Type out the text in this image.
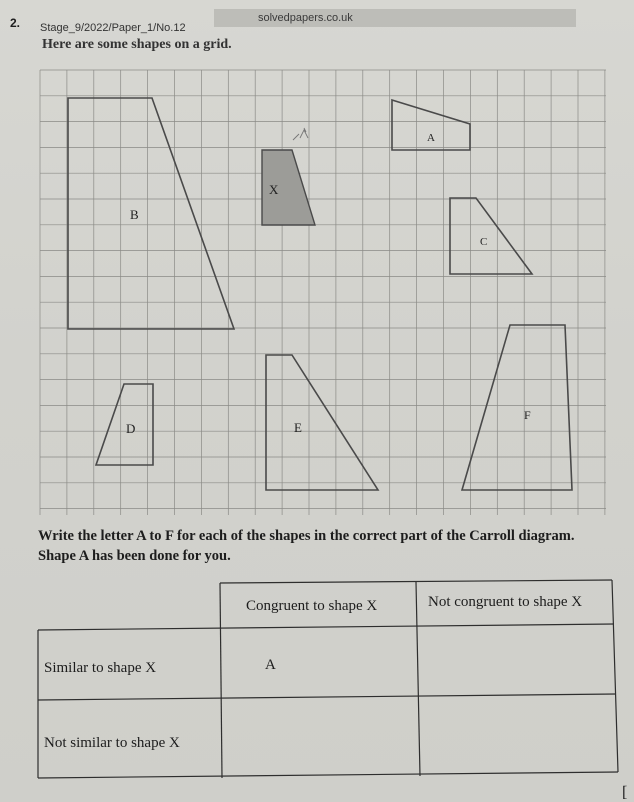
solvedpapers.co.uk
2. Stage_9/2022/Paper_1/No.12
Here are some shapes on a grid.
A
B
C
D	E
F
X
Write the letter A to F for each of the shapes in the correct part of the Carroll diagram.
Shape A has been done for you.
Congruent to shape X	Not congruent to shape X
Similar to shape X
Not similar to shape X
A
[
